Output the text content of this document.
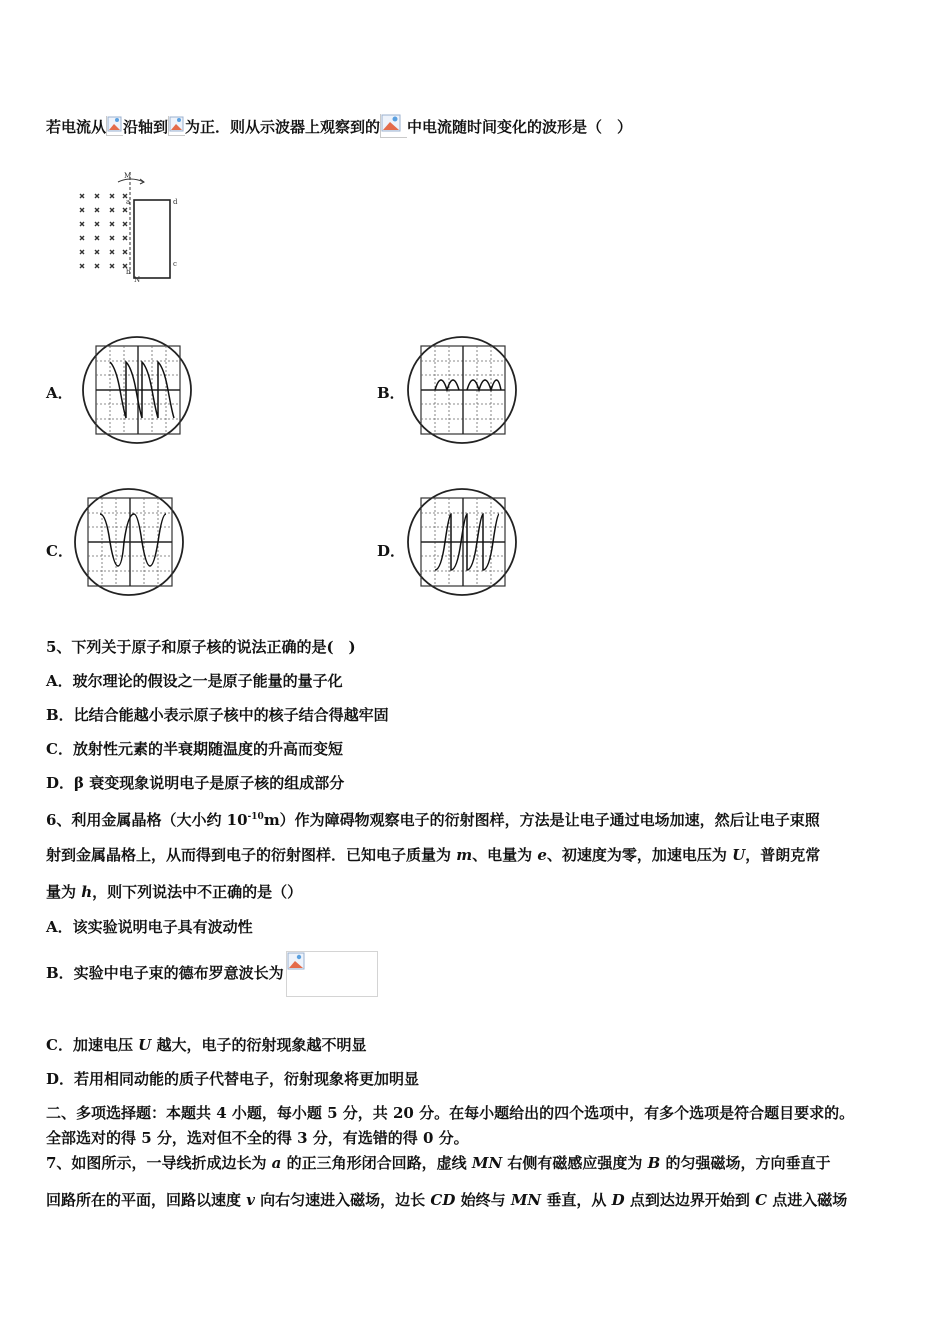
若电流从 沿轴到 为正．则从示波器上观察到的 中电流随时间变化的波形是（　）
M
N
a
b
c
d
A．	B．
C．	D．
5、下列关于原子和原子核的说法正确的是(　)
A．玻尔理论的假设之一是原子能量的量子化
B．比结合能越小表示原子核中的核子结合得越牢固
C．放射性元素的半衰期随温度的升高而变短
D．β 衰变现象说明电子是原子核的组成部分
6、利用金属晶格（大小约 $10^{-10}m$）作为障碍物观察电子的衍射图样，方法是让电子通过电场加速，然后让电子束照
射到金属晶格上，从而得到电子的衍射图样．已知电子质量为 m、电量为 e、初速度为零，加速电压为 U，普朗克常
量为 h，则下列说法中不正确的是（）
A．该实验说明电子具有波动性
B．实验中电子束的德布罗意波长为
C．加速电压 U 越大，电子的衍射现象越不明显
D．若用相同动能的质子代替电子，衍射现象将更加明显
二、多项选择题：本题共 4 小题，每小题 5 分，共 20 分。在每小题给出的四个选项中，有多个选项是符合题目要求的。
全部选对的得 5 分，选对但不全的得 3 分，有选错的得 0 分。
7、如图所示，一导线折成边长为 a 的正三角形闭合回路，虚线 MN 右侧有磁感应强度为 B 的匀强磁场，方向垂直于
回路所在的平面，回路以速度 v 向右匀速进入磁场，边长 CD 始终与 MN 垂直，从 D 点到达边界开始到 C 点进入磁场
